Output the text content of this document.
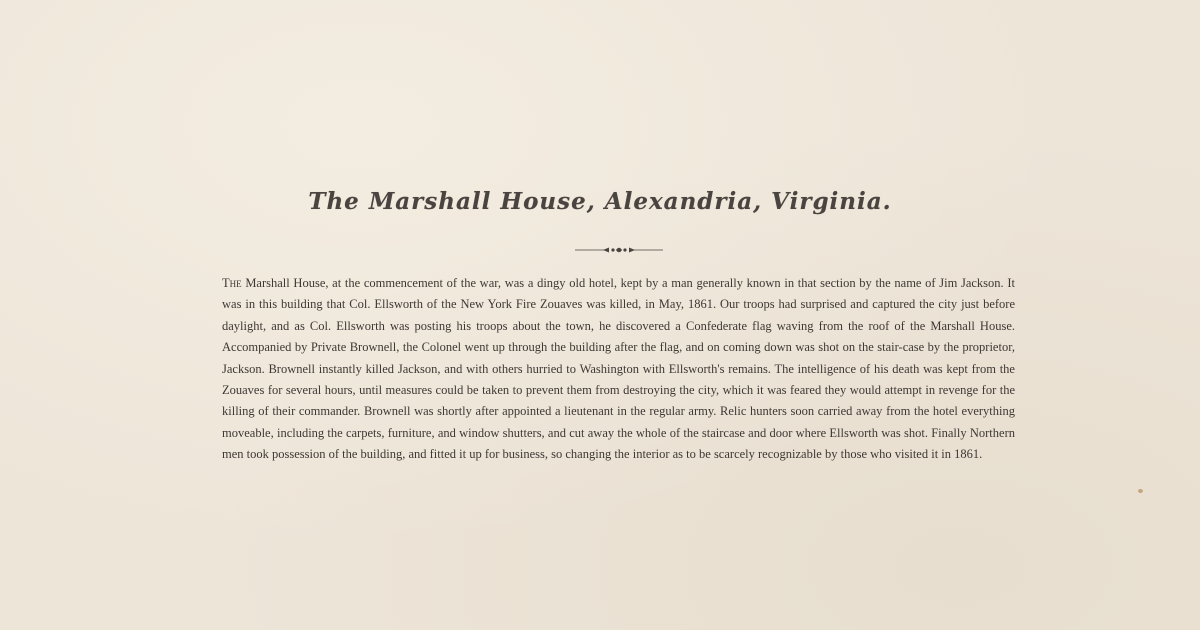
The Marshall House, Alexandria, Virginia.
The Marshall House, at the commencement of the war, was a dingy old hotel, kept by a man generally known in that section by the name of Jim Jackson. It was in this building that Col. Ellsworth of the New York Fire Zouaves was killed, in May, 1861. Our troops had surprised and captured the city just before daylight, and as Col. Ellsworth was posting his troops about the town, he discovered a Confederate flag waving from the roof of the Marshall House. Accompanied by Private Brownell, the Colonel went up through the building after the flag, and on coming down was shot on the stair-case by the proprietor, Jackson. Brownell instantly killed Jackson, and with others hurried to Washington with Ellsworth's remains. The intelligence of his death was kept from the Zouaves for several hours, until measures could be taken to prevent them from destroying the city, which it was feared they would attempt in revenge for the killing of their commander. Brownell was shortly after appointed a lieutenant in the regular army. Relic hunters soon carried away from the hotel everything moveable, including the carpets, furniture, and window shutters, and cut away the whole of the staircase and door where Ellsworth was shot. Finally Northern men took possession of the building, and fitted it up for business, so changing the interior as to be scarcely recognizable by those who visited it in 1861.
